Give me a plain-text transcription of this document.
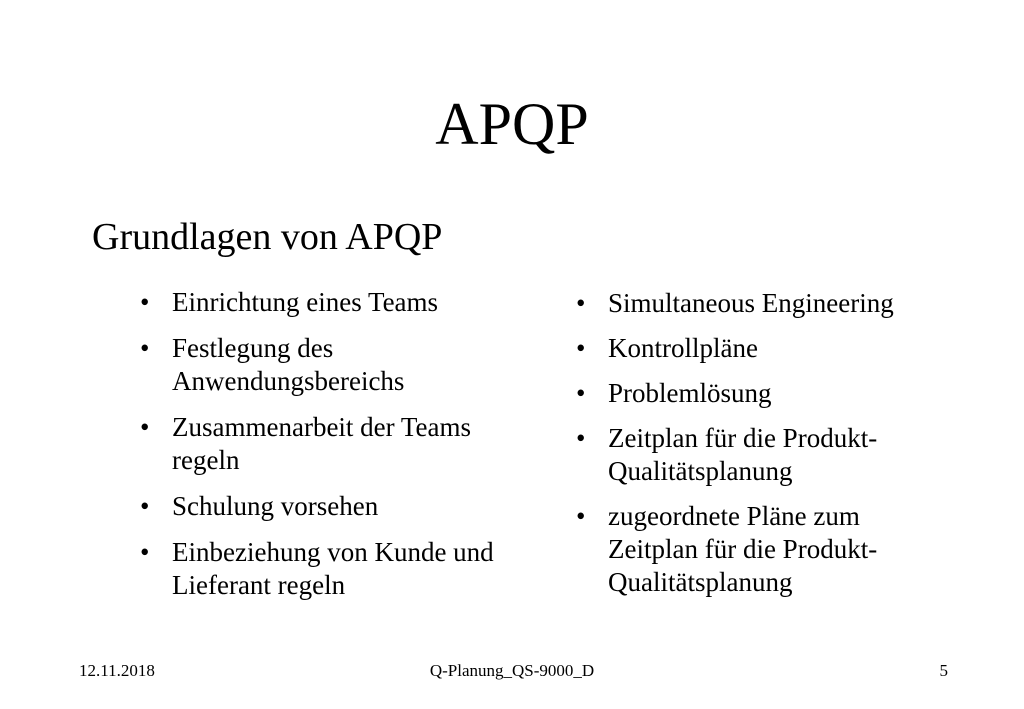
APQP
Grundlagen von APQP
• Einrichtung eines Teams
• Festlegung des Anwendungsbereichs
• Zusammenarbeit der Teams regeln
• Schulung vorsehen
• Einbeziehung von Kunde und Lieferant regeln
• Simultaneous Engineering
• Kontrollpläne
• Problemlösung
• Zeitplan für die Produkt-Qualitätsplanung
• zugeordnete Pläne zum Zeitplan für die Produkt-Qualitätsplanung
12.11.2018	Q-Planung_QS-9000_D	5
